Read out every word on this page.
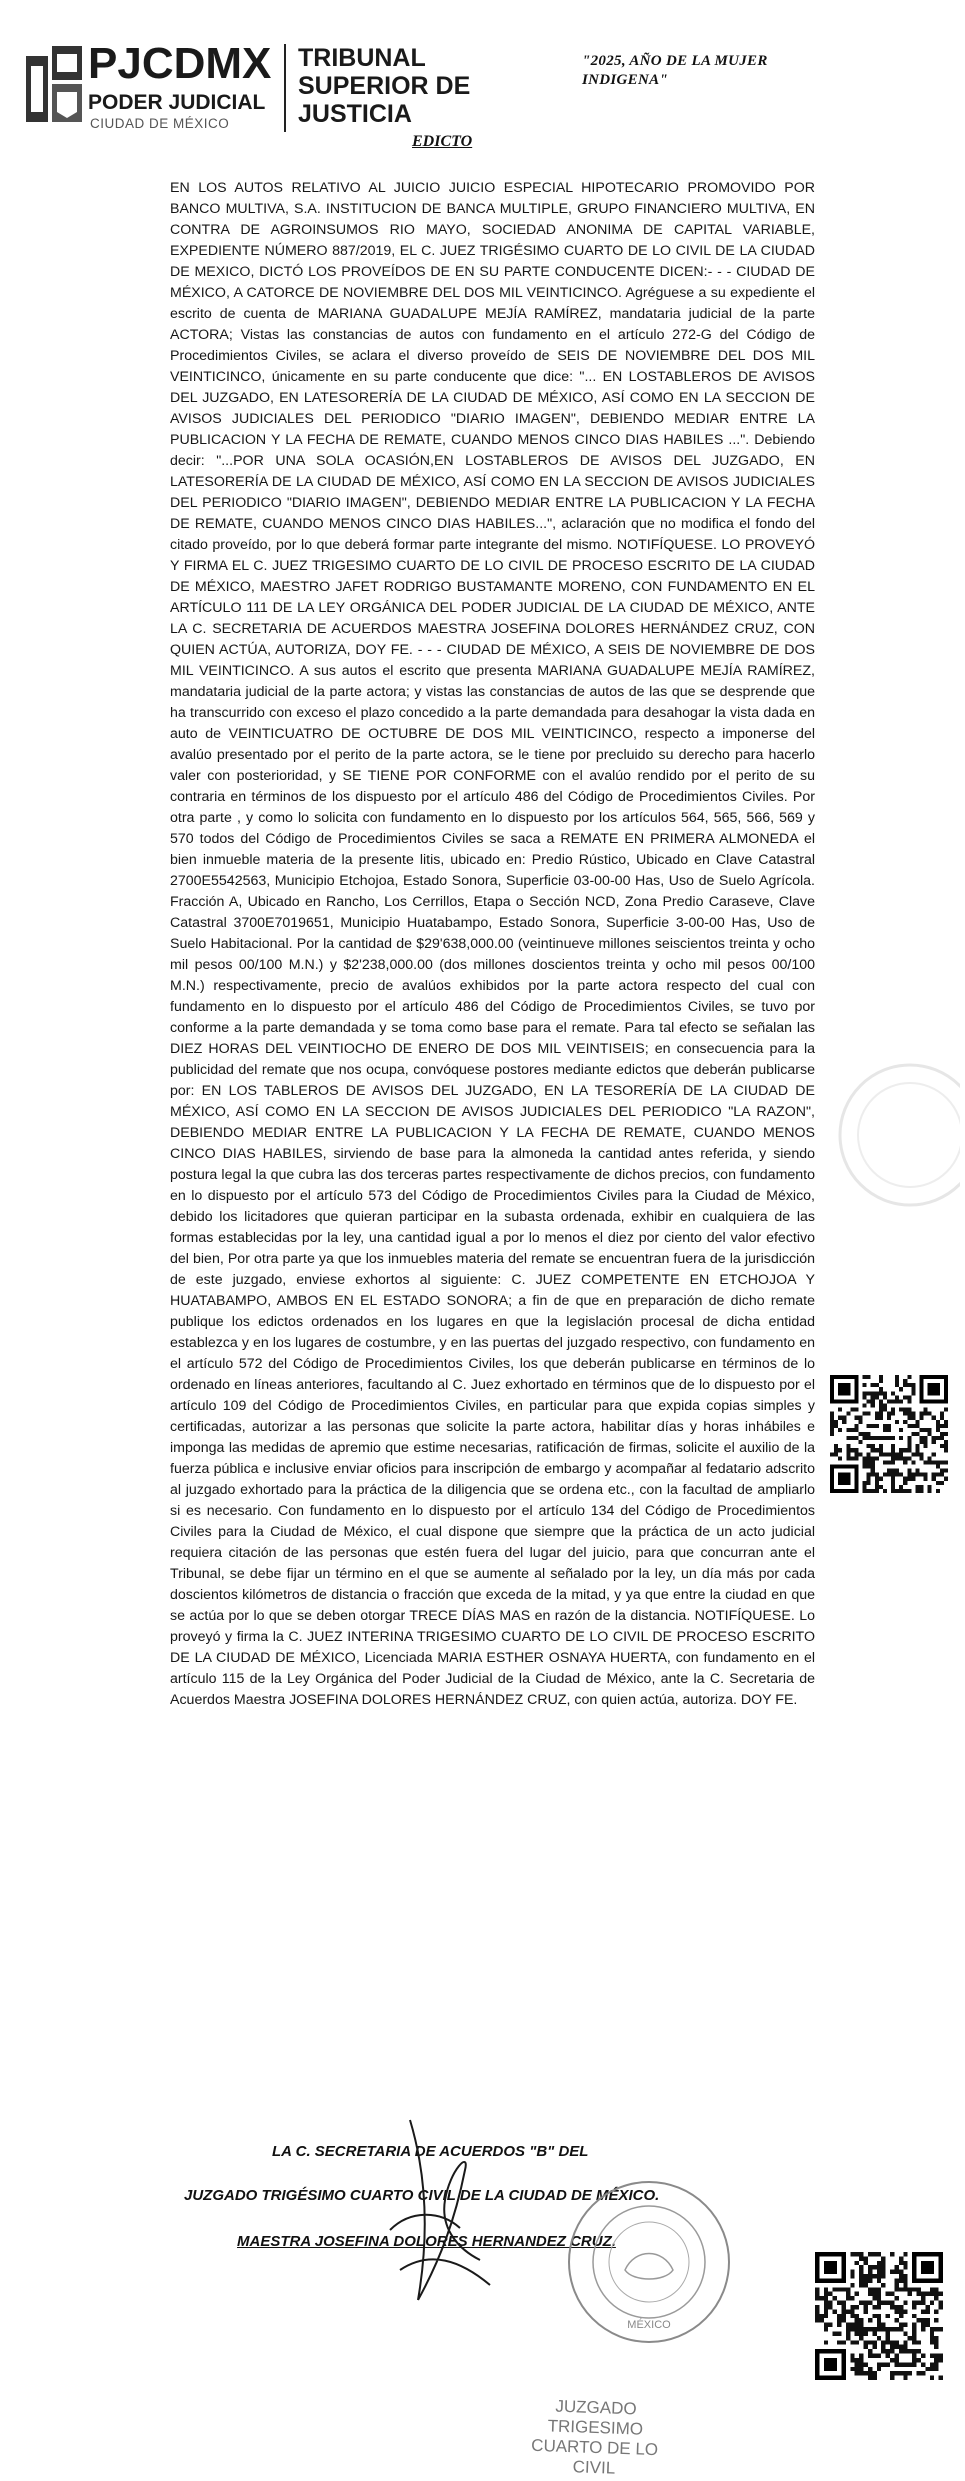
PJCDMX
PODER JUDICIAL
CIUDAD DE MÉXICO
TRIBUNAL
SUPERIOR DE
JUSTICIA
"2025, AÑO DE LA MUJER
INDIGENA"
EDICTO

EN LOS AUTOS RELATIVO AL JUICIO JUICIO ESPECIAL HIPOTECARIO PROMOVIDO POR BANCO MULTIVA, S.A. INSTITUCION DE BANCA MULTIPLE, GRUPO FINANCIERO MULTIVA, EN CONTRA DE AGROINSUMOS RIO MAYO, SOCIEDAD ANONIMA DE CAPITAL VARIABLE, EXPEDIENTE NÚMERO 887/2019, EL C. JUEZ TRIGÉSIMO CUARTO DE LO CIVIL DE LA CIUDAD DE MEXICO, DICTÓ LOS PROVEÍDOS DE EN SU PARTE CONDUCENTE DICEN:- - - CIUDAD DE MÉXICO, A CATORCE DE NOVIEMBRE DEL DOS MIL VEINTICINCO. Agréguese a su expediente el escrito de cuenta de MARIANA GUADALUPE MEJÍA RAMÍREZ, mandataria judicial de la parte ACTORA; Vistas las constancias de autos con fundamento en el artículo 272-G del Código de Procedimientos Civiles, se aclara el diverso proveído de SEIS DE NOVIEMBRE DEL DOS MIL VEINTICINCO, únicamente en su parte conducente que dice: "... EN LOSTABLEROS DE AVISOS DEL JUZGADO, EN LATESORERÍA DE LA CIUDAD DE MÉXICO, ASÍ COMO EN LA SECCION DE AVISOS JUDICIALES DEL PERIODICO "DIARIO IMAGEN", DEBIENDO MEDIAR ENTRE LA PUBLICACION Y LA FECHA DE REMATE, CUANDO MENOS CINCO DIAS HABILES ...". Debiendo decir: "...POR UNA SOLA OCASIÓN,EN LOSTABLEROS DE AVISOS DEL JUZGADO, EN LATESORERÍA DE LA CIUDAD DE MÉXICO, ASÍ COMO EN LA SECCION DE AVISOS JUDICIALES DEL PERIODICO "DIARIO IMAGEN", DEBIENDO MEDIAR ENTRE LA PUBLICACION Y LA FECHA DE REMATE, CUANDO MENOS CINCO DIAS HABILES...", aclaración que no modifica el fondo del citado proveído, por lo que deberá formar parte integrante del mismo. NOTIFÍQUESE. LO PROVEYÓ Y FIRMA EL C. JUEZ TRIGESIMO CUARTO DE LO CIVIL DE PROCESO ESCRITO DE LA CIUDAD DE MÉXICO, MAESTRO JAFET RODRIGO BUSTAMANTE MORENO, CON FUNDAMENTO EN EL ARTÍCULO 111 DE LA LEY ORGÁNICA DEL PODER JUDICIAL DE LA CIUDAD DE MÉXICO, ANTE LA C. SECRETARIA DE ACUERDOS MAESTRA JOSEFINA DOLORES HERNÁNDEZ CRUZ, CON QUIEN ACTÚA, AUTORIZA, DOY FE. - - - CIUDAD DE MÉXICO, A SEIS DE NOVIEMBRE DE DOS MIL VEINTICINCO. A sus autos el escrito que presenta MARIANA GUADALUPE MEJÍA RAMÍREZ, mandataria judicial de la parte actora; y vistas las constancias de autos de las que se desprende que ha transcurrido con exceso el plazo concedido a la parte demandada para desahogar la vista dada en auto de VEINTICUATRO DE OCTUBRE DE DOS MIL VEINTICINCO, respecto a imponerse del avalúo presentado por el perito de la parte actora, se le tiene por precluido su derecho para hacerlo valer con posterioridad, y SE TIENE POR CONFORME con el avalúo rendido por el perito de su contraria en términos de los dispuesto por el artículo 486 del Código de Procedimientos Civiles. Por otra parte , y como lo solicita con fundamento en lo dispuesto por los artículos 564, 565, 566, 569 y 570 todos del Código de Procedimientos Civiles se saca a REMATE EN PRIMERA ALMONEDA el bien inmueble materia de la presente litis, ubicado en: Predio Rústico, Ubicado en Clave Catastral 2700E5542563, Municipio Etchojoa, Estado Sonora, Superficie 03-00-00 Has, Uso de Suelo Agrícola. Fracción A, Ubicado en Rancho, Los Cerrillos, Etapa o Sección NCD, Zona Predio Caraseve, Clave Catastral 3700E7019651, Municipio Huatabampo, Estado Sonora, Superficie 3-00-00 Has, Uso de Suelo Habitacional. Por la cantidad de $29'638,000.00 (veintinueve millones seiscientos treinta y ocho mil pesos 00/100 M.N.) y $2'238,000.00 (dos millones doscientos treinta y ocho mil pesos 00/100 M.N.) respectivamente, precio de avalúos exhibidos por la parte actora respecto del cual con fundamento en lo dispuesto por el artículo 486 del Código de Procedimientos Civiles, se tuvo por conforme a la parte demandada y se toma como base para el remate. Para tal efecto se señalan las DIEZ HORAS DEL VEINTIOCHO DE ENERO DE DOS MIL VEINTISEIS; en consecuencia para la publicidad del remate que nos ocupa, convóquese postores mediante edictos que deberán publicarse por: EN LOS TABLEROS DE AVISOS DEL JUZGADO, EN LA TESORERÍA DE LA CIUDAD DE MÉXICO, ASÍ COMO EN LA SECCION DE AVISOS JUDICIALES DEL PERIODICO "LA RAZON", DEBIENDO MEDIAR ENTRE LA PUBLICACION Y LA FECHA DE REMATE, CUANDO MENOS CINCO DIAS HABILES, sirviendo de base para la almoneda la cantidad antes referida, y siendo postura legal la que cubra las dos terceras partes respectivamente de dichos precios, con fundamento en lo dispuesto por el artículo 573 del Código de Procedimientos Civiles para la Ciudad de México, debido los licitadores que quieran participar en la subasta ordenada, exhibir en cualquiera de las formas establecidas por la ley, una cantidad igual a por lo menos el diez por ciento del valor efectivo del bien, Por otra parte ya que los inmuebles materia del remate se encuentran fuera de la jurisdicción de este juzgado, enviese exhortos al siguiente: C. JUEZ COMPETENTE EN ETCHOJOA Y HUATABAMPO, AMBOS EN EL ESTADO SONORA; a fin de que en preparación de dicho remate publique los edictos ordenados en los lugares en que la legislación procesal de dicha entidad establezca y en los lugares de costumbre, y en las puertas del juzgado respectivo, con fundamento en el artículo 572 del Código de Procedimientos Civiles, los que deberán publicarse en términos de lo ordenado en líneas anteriores, facultando al C. Juez exhortado en términos que de lo dispuesto por el artículo 109 del Código de Procedimientos Civiles, en particular para que expida copias simples y certificadas, autorizar a las personas que solicite la parte actora, habilitar días y horas inhábiles e imponga las medidas de apremio que estime necesarias, ratificación de firmas, solicite el auxilio de la fuerza pública e inclusive enviar oficios para inscripción de embargo y acompañar al fedatario adscrito al juzgado exhortado para la práctica de la diligencia que se ordena etc., con la facultad de ampliarlo si es necesario. Con fundamento en lo dispuesto por el artículo 134 del Código de Procedimientos Civiles para la Ciudad de México, el cual dispone que siempre que la práctica de un acto judicial requiera citación de las personas que estén fuera del lugar del juicio, para que concurran ante el Tribunal, se debe fijar un término en el que se aumente al señalado por la ley, un día más por cada doscientos kilómetros de distancia o fracción que exceda de la mitad, y ya que entre la ciudad en que se actúa por lo que se deben otorgar TRECE DÍAS MAS en razón de la distancia. NOTIFÍQUESE. Lo proveyó y firma la C. JUEZ INTERINA TRIGESIMO CUARTO DE LO CIVIL DE PROCESO ESCRITO DE LA CIUDAD DE MÉXICO, Licenciada MARIA ESTHER OSNAYA HUERTA, con fundamento en el artículo 115 de la Ley Orgánica del Poder Judicial de la Ciudad de México, ante la C. Secretaria de Acuerdos Maestra JOSEFINA DOLORES HERNÁNDEZ CRUZ, con quien actúa, autoriza. DOY FE.

LA C. SECRETARIA DE ACUERDOS "B" DEL
JUZGADO TRIGÉSIMO CUARTO CIVIL DE LA CIUDAD DE MÉXICO.
MAESTRA JOSEFINA DOLORES HERNANDEZ CRUZ.
MÉXICO
JUZGADO TRIGESIMO CUARTO DE LO CIVIL
